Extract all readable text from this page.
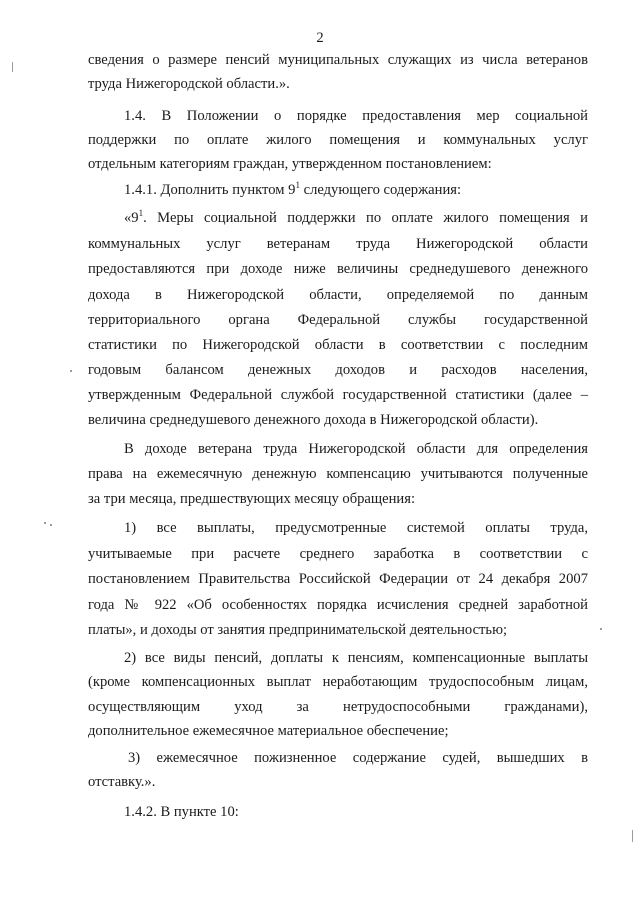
2
сведения о размере пенсий муниципальных служащих из числа ветеранов
труда Нижегородской области.».
1.4. В Положении о порядке предоставления мер социальной
поддержки по оплате жилого помещения и коммунальных услуг
отдельным категориям граждан, утвержденном постановлением:
1.4.1. Дополнить пунктом $9^1$ следующего содержания:
«$9^1$. Меры социальной поддержки по оплате жилого помещения и
коммунальных услуг ветеранам труда Нижегородской области
предоставляются при доходе ниже величины среднедушевого денежного
дохода в Нижегородской области, определяемой по данным
территориального органа Федеральной службы государственной
статистики по Нижегородской области в соответствии с последним
годовым балансом денежных доходов и расходов населения,
утвержденным Федеральной службой государственной статистики (далее –
величина среднедушевого денежного дохода в Нижегородской области).
В доходе ветерана труда Нижегородской области для определения
права на ежемесячную денежную компенсацию учитываются полученные
за три месяца, предшествующих месяцу обращения:
1) все выплаты, предусмотренные системой оплаты труда,
учитываемые при расчете среднего заработка в соответствии с
постановлением Правительства Российской Федерации от 24 декабря 2007
года № 922 «Об особенностях порядка исчисления средней заработной
платы», и доходы от занятия предпринимательской деятельностью;
2) все виды пенсий, доплаты к пенсиям, компенсационные выплаты
(кроме компенсационных выплат неработающим трудоспособным лицам,
осуществляющим уход за нетрудоспособными гражданами),
дополнительное ежемесячное материальное обеспечение;
3) ежемесячное пожизненное содержание судей, вышедших в
отставку.».
1.4.2. В пункте 10:
